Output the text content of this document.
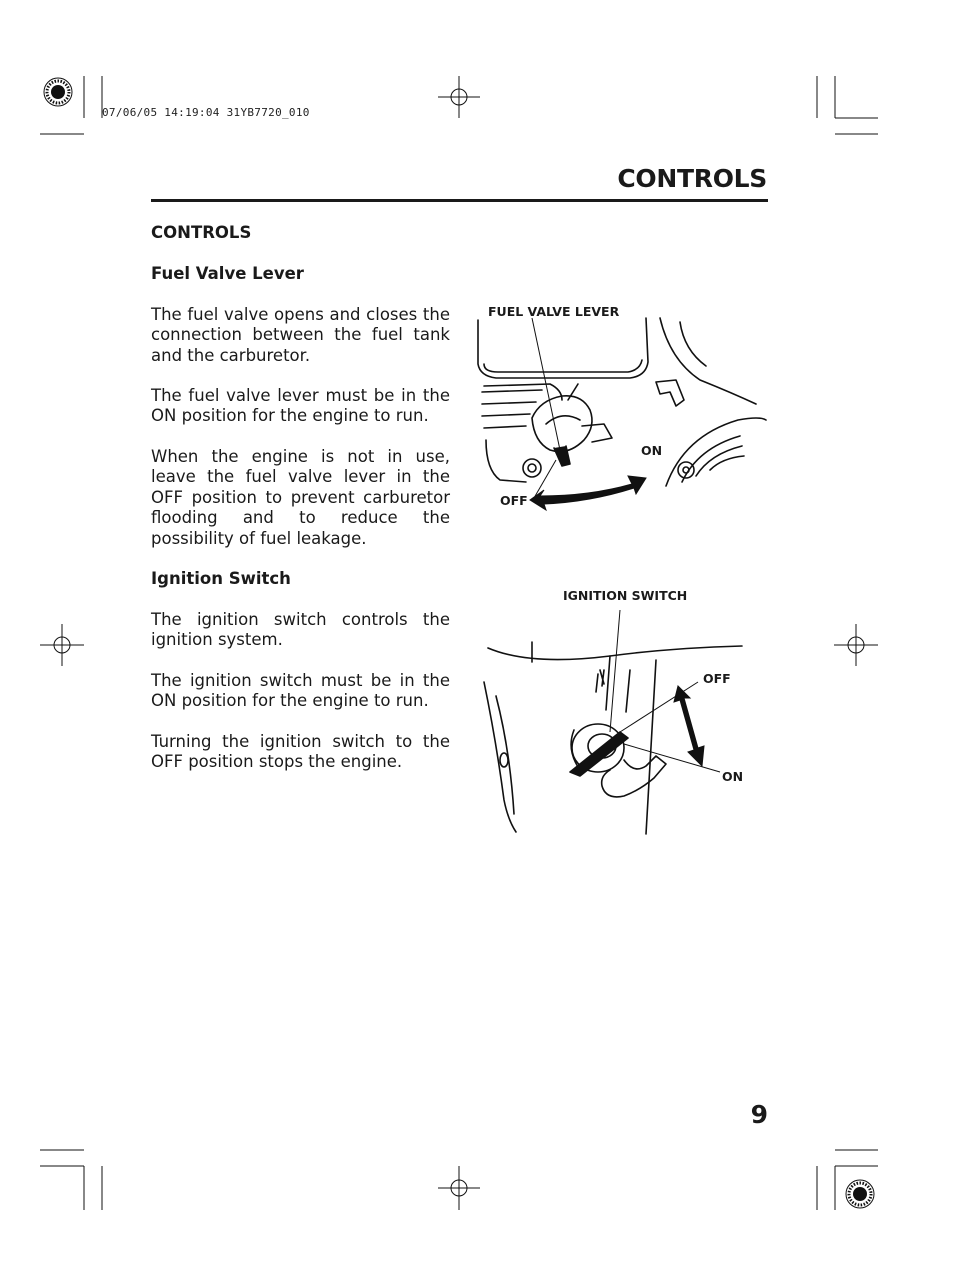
07/06/05 14:19:04 31YB7720_010
CONTROLS
CONTROLS
Fuel Valve Lever
The fuel valve opens and closes the connection between the fuel tank and the carburetor.
The fuel valve lever must be in the ON position for the engine to run.
When the engine is not in use, leave the fuel valve lever in the OFF position to prevent carburetor flooding and to reduce the possibility of fuel leakage.
Ignition Switch
The ignition switch controls the ignition system.
The ignition switch must be in the ON position for the engine to run.
Turning the ignition switch to the OFF position stops the engine.
FUEL VALVE LEVER
ON
OFF
IGNITION SWITCH
OFF
ON
9
